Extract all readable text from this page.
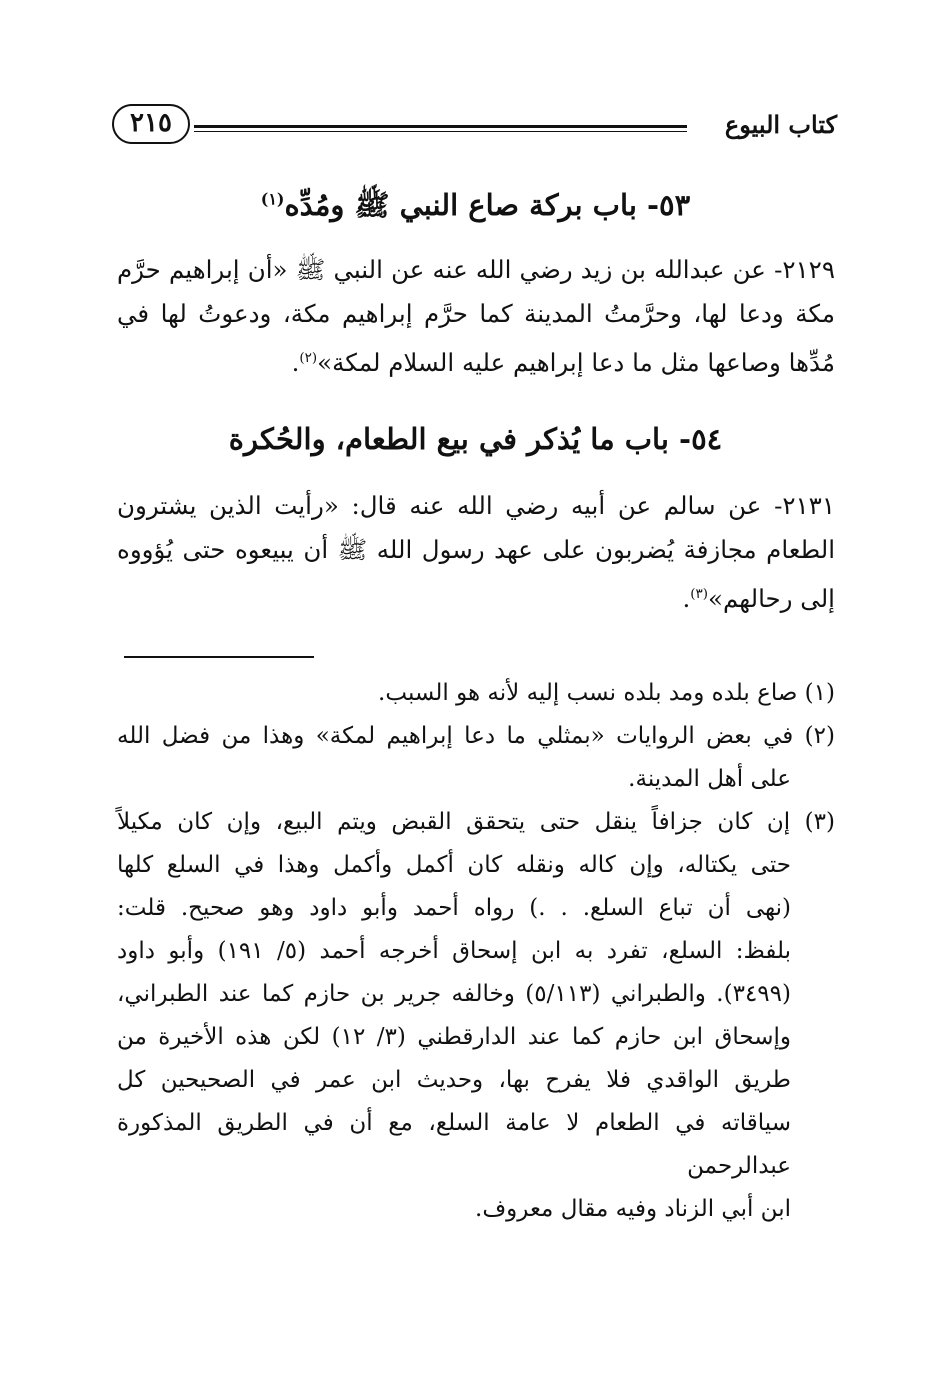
كتاب البيوع
٢١٥
٥٣- باب بركة صاع النبي ﷺ ومُدِّه$^{(١)}$
٢١٢٩- عن عبدالله بن زيد رضي الله عنه عن النبي ﷺ «أن إبراهيم حرَّم
مكة ودعا لها، وحرَّمتُ المدينة كما حرَّم إبراهيم مكة، ودعوتُ لها في
مُدِّها وصاعها مثل ما دعا إبراهيم عليه السلام لمكة»$^{(٢)}$.
٥٤- باب ما يُذكر في بيع الطعام، والحُكرة
٢١٣١- عن سالم عن أبيه رضي الله عنه قال: «رأيت الذين يشترون
الطعام مجازفة يُضربون على عهد رسول الله ﷺ أن يبيعوه حتى يُؤووه
إلى رحالهم»$^{(٣)}$.
(١) صاع بلده ومد بلده نسب إليه لأنه هو السبب.
(٢) في بعض الروايات «بمثلي ما دعا إبراهيم لمكة» وهذا من فضل الله
على أهل المدينة.
(٣) إن كان جزافاً ينقل حتى يتحقق القبض ويتم البيع، وإن كان مكيلاً
حتى يكتاله، وإن كاله ونقله كان أكمل وأكمل وهذا في السلع كلها
(نهى أن تباع السلع. . .) رواه أحمد وأبو داود وهو صحيح. قلت:
بلفظ: السلع، تفرد به ابن إسحاق أخرجه أحمد (٥/ ١٩١) وأبو داود
(٣٤٩٩). والطبراني (٥/١١٣) وخالفه جرير بن حازم كما عند الطبراني،
وإسحاق ابن حازم كما عند الدارقطني (٣/ ١٢) لكن هذه الأخيرة من
طريق الواقدي فلا يفرح بها، وحديث ابن عمر في الصحيحين كل
سياقاته في الطعام لا عامة السلع، مع أن في الطريق المذكورة عبدالرحمن
ابن أبي الزناد وفيه مقال معروف.
